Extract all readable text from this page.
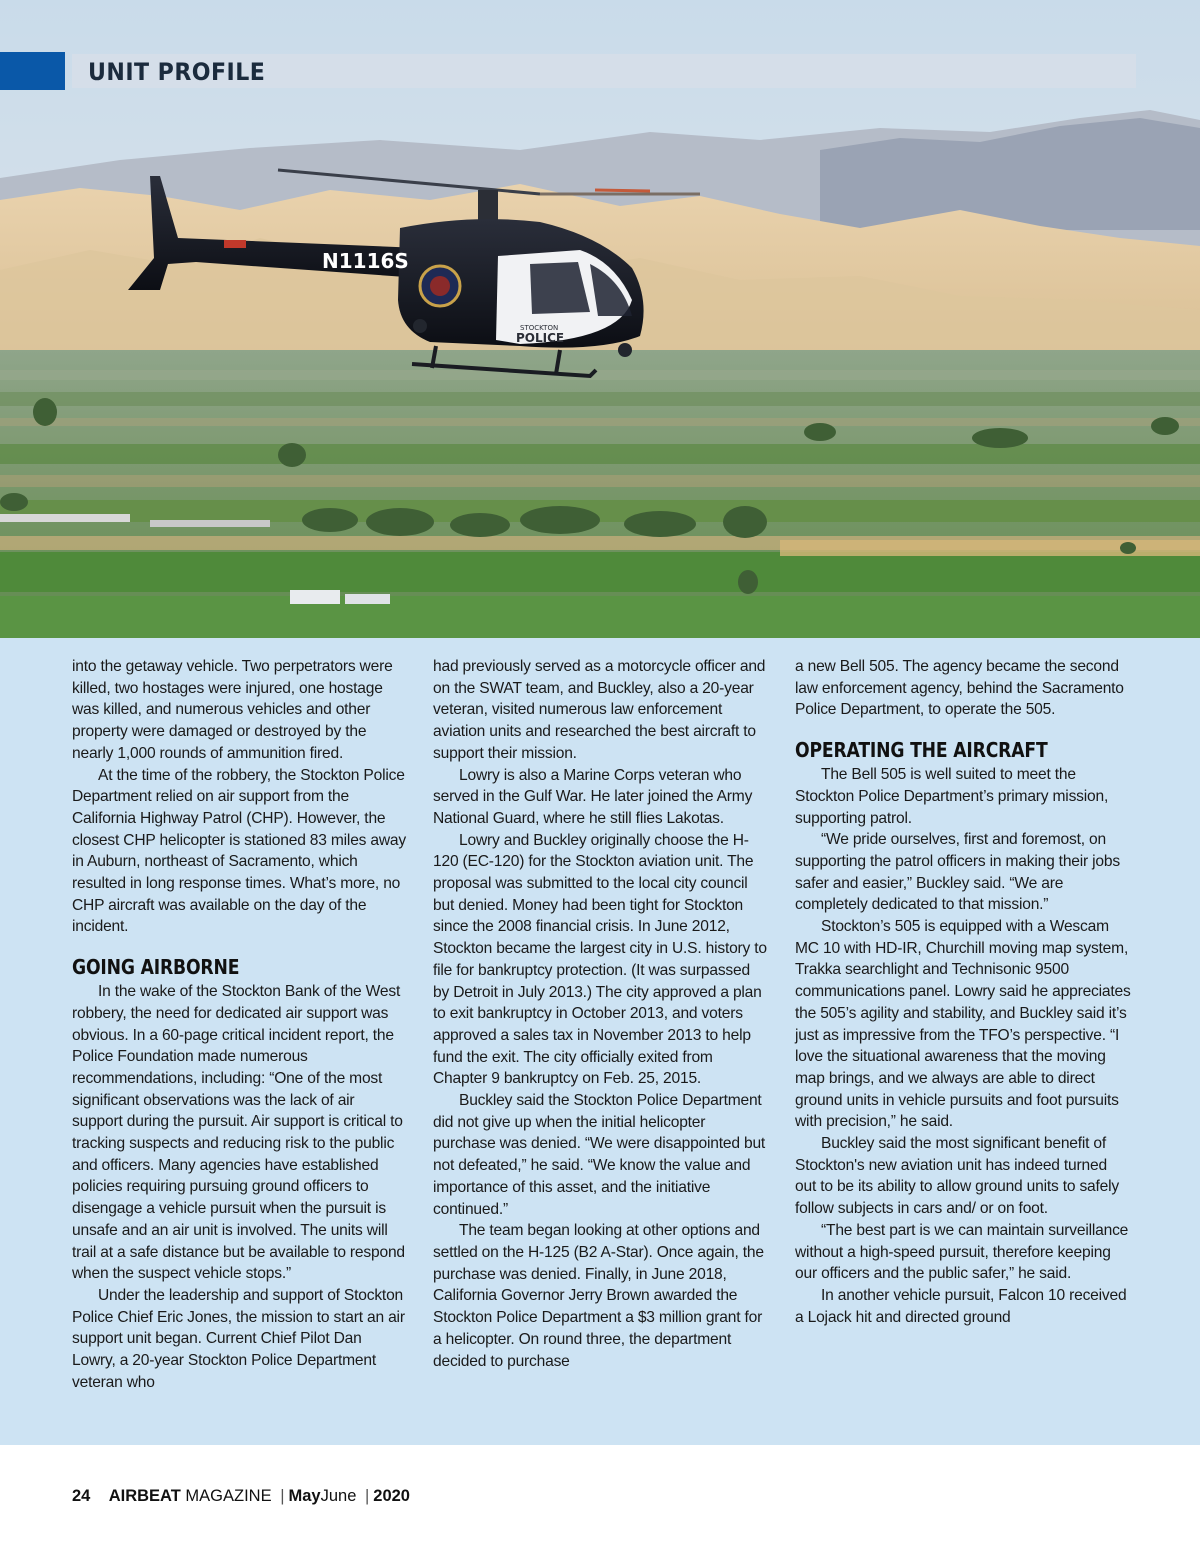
N1116S
STOCKTON
POLICE
UNIT PROFILE

into the getaway vehicle. Two perpetrators were killed, two hostages were injured, one hostage was killed, and numerous vehicles and other property were damaged or destroyed by the nearly 1,000 rounds of ammunition fired.

At the time of the robbery, the Stockton Police Department relied on air support from the California Highway Patrol (CHP). However, the closest CHP helicopter is stationed 83 miles away in Auburn, northeast of Sacramento, which resulted in long response times. What’s more, no CHP aircraft was available on the day of the incident.

GOING AIRBORNE

In the wake of the Stockton Bank of the West robbery, the need for dedicated air support was obvious. In a 60-page critical incident report, the Police Foundation made numerous recommendations, including: “One of the most significant observations was the lack of air support during the pursuit. Air support is critical to tracking suspects and reducing risk to the public and officers. Many agencies have established policies requiring pursuing ground officers to disengage a vehicle pursuit when the pursuit is unsafe and an air unit is involved. The units will trail at a safe distance but be available to respond when the suspect vehicle stops.”

Under the leadership and support of Stockton Police Chief Eric Jones, the mission to start an air support unit began. Current Chief Pilot Dan Lowry, a 20-year Stockton Police Department veteran who

had previously served as a motorcycle officer and on the SWAT team, and Buckley, also a 20-year veteran, visited numerous law enforcement aviation units and researched the best aircraft to support their mission.

Lowry is also a Marine Corps veteran who served in the Gulf War. He later joined the Army National Guard, where he still flies Lakotas.

Lowry and Buckley originally choose the H-120 (EC-120) for the Stockton aviation unit. The proposal was submitted to the local city council but denied. Money had been tight for Stockton since the 2008 financial crisis. In June 2012, Stockton became the largest city in U.S. history to file for bankruptcy protection. (It was surpassed by Detroit in July 2013.) The city approved a plan to exit bankruptcy in October 2013, and voters approved a sales tax in November 2013 to help fund the exit. The city officially exited from Chapter 9 bankruptcy on Feb. 25, 2015.

Buckley said the Stockton Police Department did not give up when the initial helicopter purchase was denied. “We were disappointed but not defeated,” he said. “We know the value and importance of this asset, and the initiative continued.”

The team began looking at other options and settled on the H-125 (B2 A-Star). Once again, the purchase was denied. Finally, in June 2018, California Governor Jerry Brown awarded the Stockton Police Department a $3 million grant for a helicopter. On round three, the department decided to purchase

a new Bell 505. The agency became the second law enforcement agency, behind the Sacramento Police Department, to operate the 505.

OPERATING THE AIRCRAFT

The Bell 505 is well suited to meet the Stockton Police Department’s primary mission, supporting patrol.

“We pride ourselves, first and foremost, on supporting the patrol officers in making their jobs safer and easier,” Buckley said. “We are completely dedicated to that mission.”

Stockton’s 505 is equipped with a Wescam MC 10 with HD-IR, Churchill moving map system, Trakka searchlight and Technisonic 9500 communications panel. Lowry said he appreciates the 505’s agility and stability, and Buckley said it’s just as impressive from the TFO’s perspective. “I love the situational awareness that the moving map brings, and we always are able to direct ground units in vehicle pursuits and foot pursuits with precision,” he said.

Buckley said the most significant benefit of Stockton's new aviation unit has indeed turned out to be its ability to allow ground units to safely follow subjects in cars and/ or on foot.

“The best part is we can maintain surveillance without a high-speed pursuit, therefore keeping our officers and the public safer,” he said.

In another vehicle pursuit, Falcon 10 received a Lojack hit and directed ground

24 AIRBEAT MAGAZINE | MayJune | 2020
